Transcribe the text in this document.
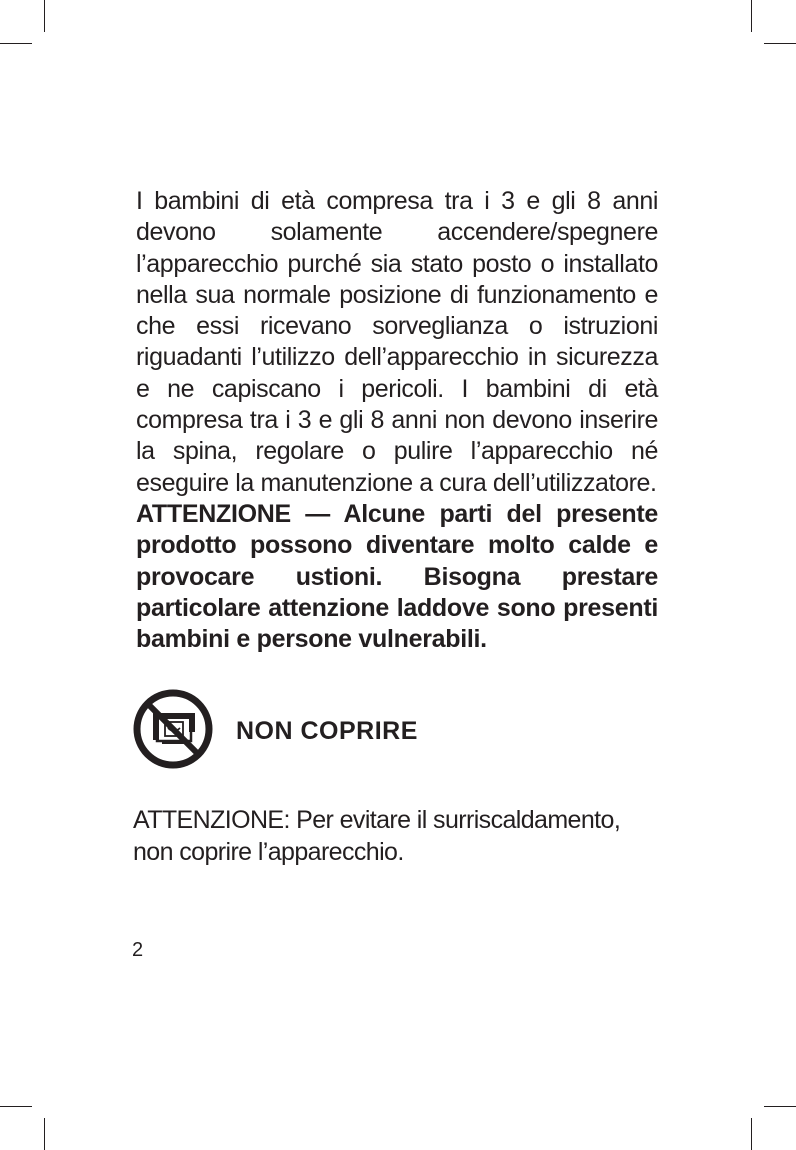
I bambini di età compresa tra i 3 e gli 8 anni devono solamente accendere/spegnere l’apparecchio purché sia stato posto o installato nella sua normale posizione di funzionamento e che essi ricevano sorveglianza o istruzioni riguadanti l’utilizzo dell’apparecchio in sicurezza e ne capiscano i pericoli. I bambini di età compresa tra i 3 e gli 8 anni non devono inserire la spina, regolare o pulire l’apparecchio né eseguire la manutenzione a cura dell’utilizzatore.

ATTENZIONE — Alcune parti del presente prodotto possono diventare molto calde e provocare ustioni. Bisogna prestare particolare attenzione laddove sono presenti bambini e persone vulnerabili.

NON COPRIRE

ATTENZIONE: Per evitare il surriscaldamento, non coprire l’apparecchio.

2
